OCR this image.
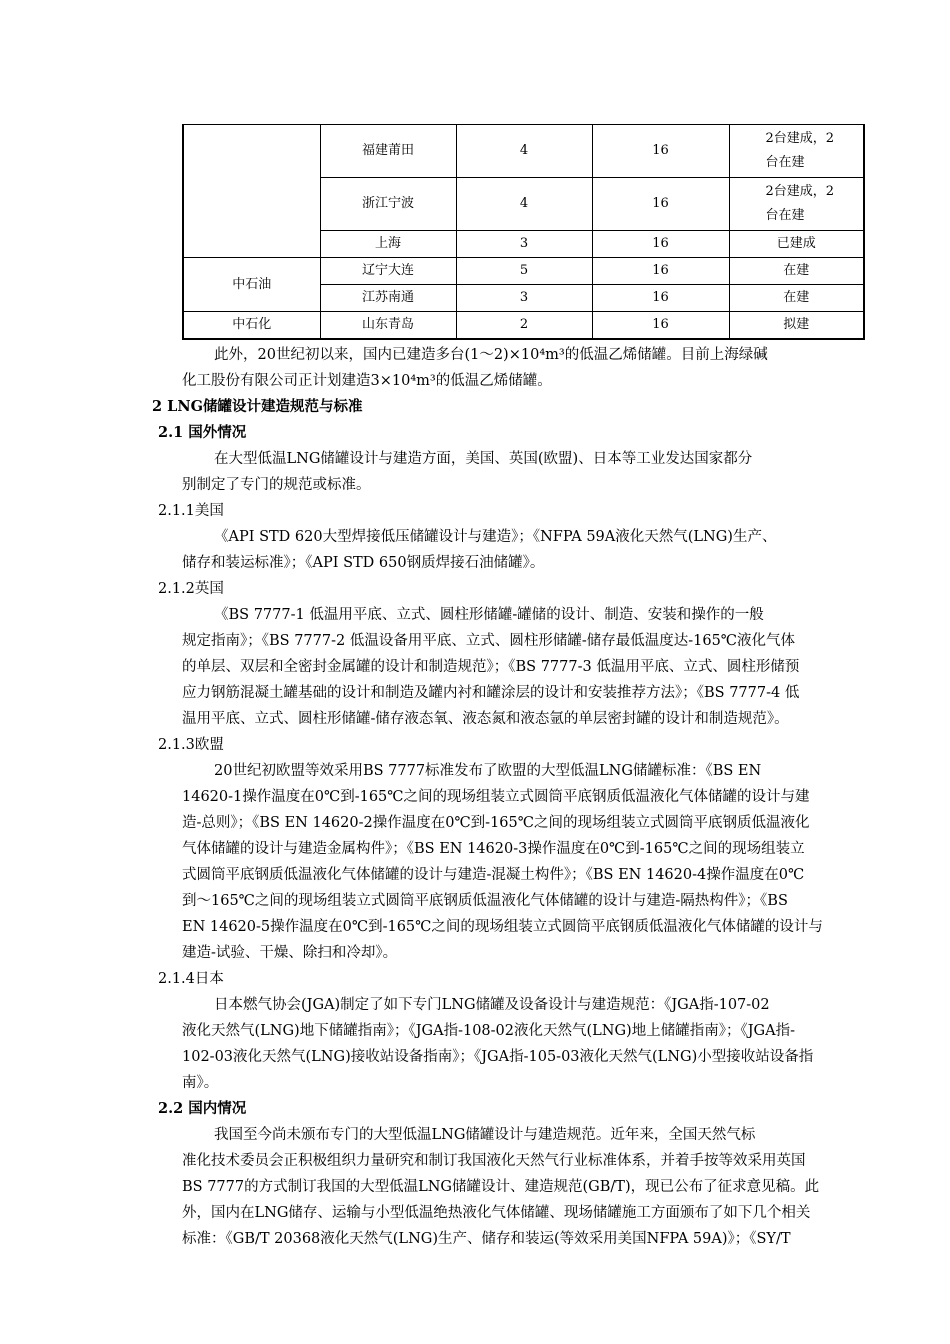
	福建莆田	4	16	2台建成，2
台在建
	浙江宁波	4	16	2台建成，2
台在建
	上海	3	16	已建成
中石油	辽宁大连	5	16	在建
	江苏南通	3	16	在建
中石化	山东青岛	2	16	拟建

此外，20世纪初以来，国内已建造多台(1～2)×10⁴m³的低温乙烯储罐。目前上海绿碱

化工股份有限公司正计划建造3×10⁴m³的低温乙烯储罐。

2 LNG储罐设计建造规范与标准

2.1 国外情况

在大型低温LNG储罐设计与建造方面，美国、英国(欧盟)、日本等工业发达国家都分

别制定了专门的规范或标准。

2.1.1美国

《API STD 620大型焊接低压储罐设计与建造》；《NFPA 59A液化天然气(LNG)生产、

储存和装运标准》；《API STD 650钢质焊接石油储罐》。

2.1.2英国

《BS 7777-1 低温用平底、立式、圆柱形储罐-罐储的设计、制造、安装和操作的一般

规定指南》；《BS 7777-2 低温设备用平底、立式、圆柱形储罐-储存最低温度达-165℃液化气体

的单层、双层和全密封金属罐的设计和制造规范》；《BS 7777-3 低温用平底、立式、圆柱形储预

应力钢筋混凝土罐基础的设计和制造及罐内衬和罐涂层的设计和安装推荐方法》；《BS 7777-4 低

温用平底、立式、圆柱形储罐-储存液态氧、液态氮和液态氩的单层密封罐的设计和制造规范》。

2.1.3欧盟

20世纪初欧盟等效采用BS 7777标准发布了欧盟的大型低温LNG储罐标准：《BS EN

14620-1操作温度在0℃到-165℃之间的现场组装立式圆筒平底钢质低温液化气体储罐的设计与建

造-总则》；《BS EN 14620-2操作温度在0℃到-165℃之间的现场组装立式圆筒平底钢质低温液化

气体储罐的设计与建造金属构件》；《BS EN 14620-3操作温度在0℃到-165℃之间的现场组装立

式圆筒平底钢质低温液化气体储罐的设计与建造-混凝土构件》；《BS EN 14620-4操作温度在0℃

到～165℃之间的现场组装立式圆筒平底钢质低温液化气体储罐的设计与建造-隔热构件》；《BS

EN 14620-5操作温度在0℃到-165℃之间的现场组装立式圆筒平底钢质低温液化气体储罐的设计与

建造-试验、干燥、除扫和冷却》。

2.1.4日本

日本燃气协会(JGA)制定了如下专门LNG储罐及设备设计与建造规范：《JGA指-107-02

液化天然气(LNG)地下储罐指南》；《JGA指-108-02液化天然气(LNG)地上储罐指南》；《JGA指-

102-03液化天然气(LNG)接收站设备指南》；《JGA指-105-03液化天然气(LNG)小型接收站设备指

南》。

2.2 国内情况

我国至今尚未颁布专门的大型低温LNG储罐设计与建造规范。近年来，全国天然气标

准化技术委员会正积极组织力量研究和制订我国液化天然气行业标准体系，并着手按等效采用英国

BS 7777的方式制订我国的大型低温LNG储罐设计、建造规范(GB/T)，现已公布了征求意见稿。此

外，国内在LNG储存、运输与小型低温绝热液化气体储罐、现场储罐施工方面颁布了如下几个相关

标准：《GB/T 20368液化天然气(LNG)生产、储存和装运(等效采用美国NFPA 59A)》；《SY/T
